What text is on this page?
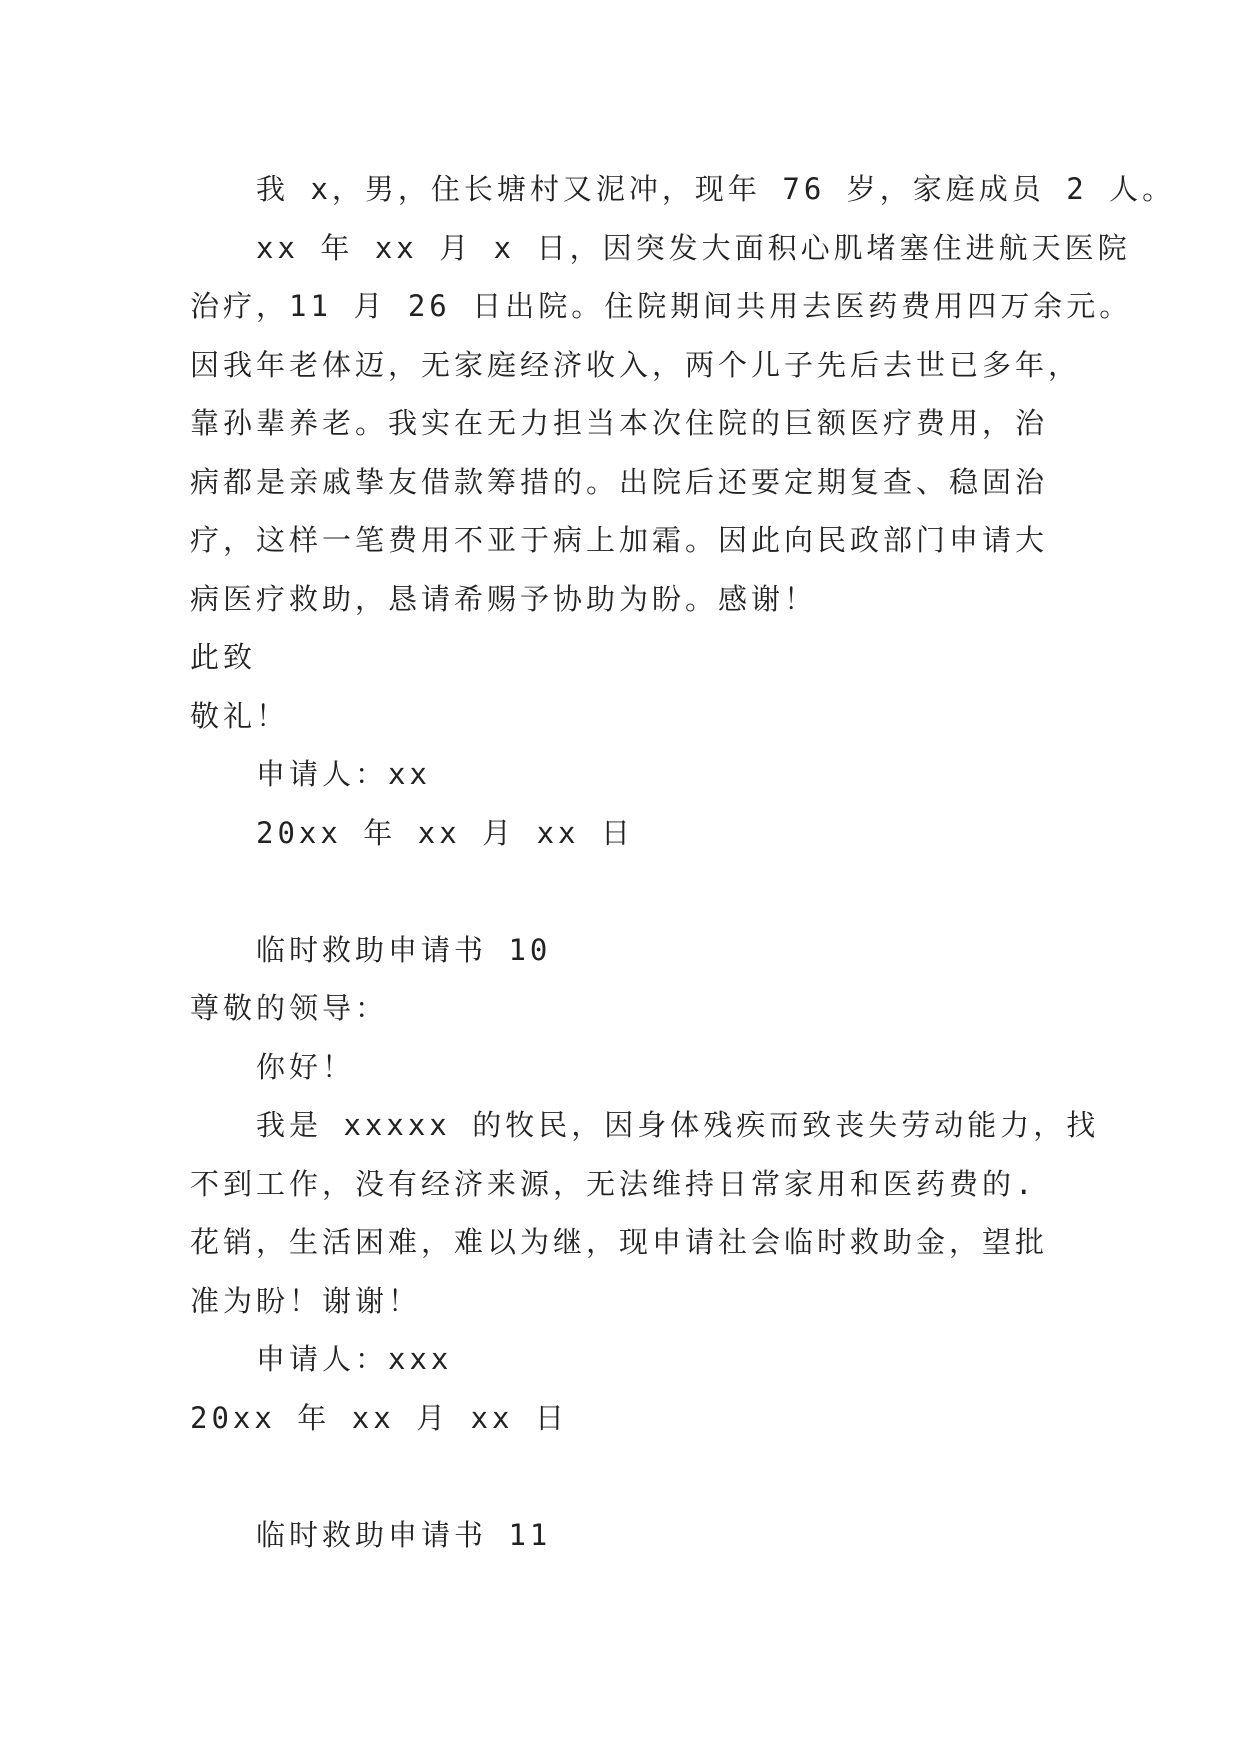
我 x，男，住长塘村又泥冲，现年 76 岁，家庭成员 2 人。
xx 年 xx 月 x 日，因突发大面积心肌堵塞住进航天医院
治疗，11 月 26 日出院。住院期间共用去医药费用四万余元。
因我年老体迈，无家庭经济收入，两个儿子先后去世已多年，
靠孙辈养老。我实在无力担当本次住院的巨额医疗费用，治
病都是亲戚挚友借款筹措的。出院后还要定期复查、稳固治
疗，这样一笔费用不亚于病上加霜。因此向民政部门申请大
病医疗救助，恳请希赐予协助为盼。感谢！
此致
敬礼！
申请人：xx
20xx 年 xx 月 xx 日
临时救助申请书 10
尊敬的领导：
你好！
我是 xxxxx 的牧民，因身体残疾而致丧失劳动能力，找
不到工作，没有经济来源，无法维持日常家用和医药费的.
花销，生活困难，难以为继，现申请社会临时救助金，望批
准为盼！谢谢！
申请人：xxx
20xx 年 xx 月 xx 日
临时救助申请书 11
